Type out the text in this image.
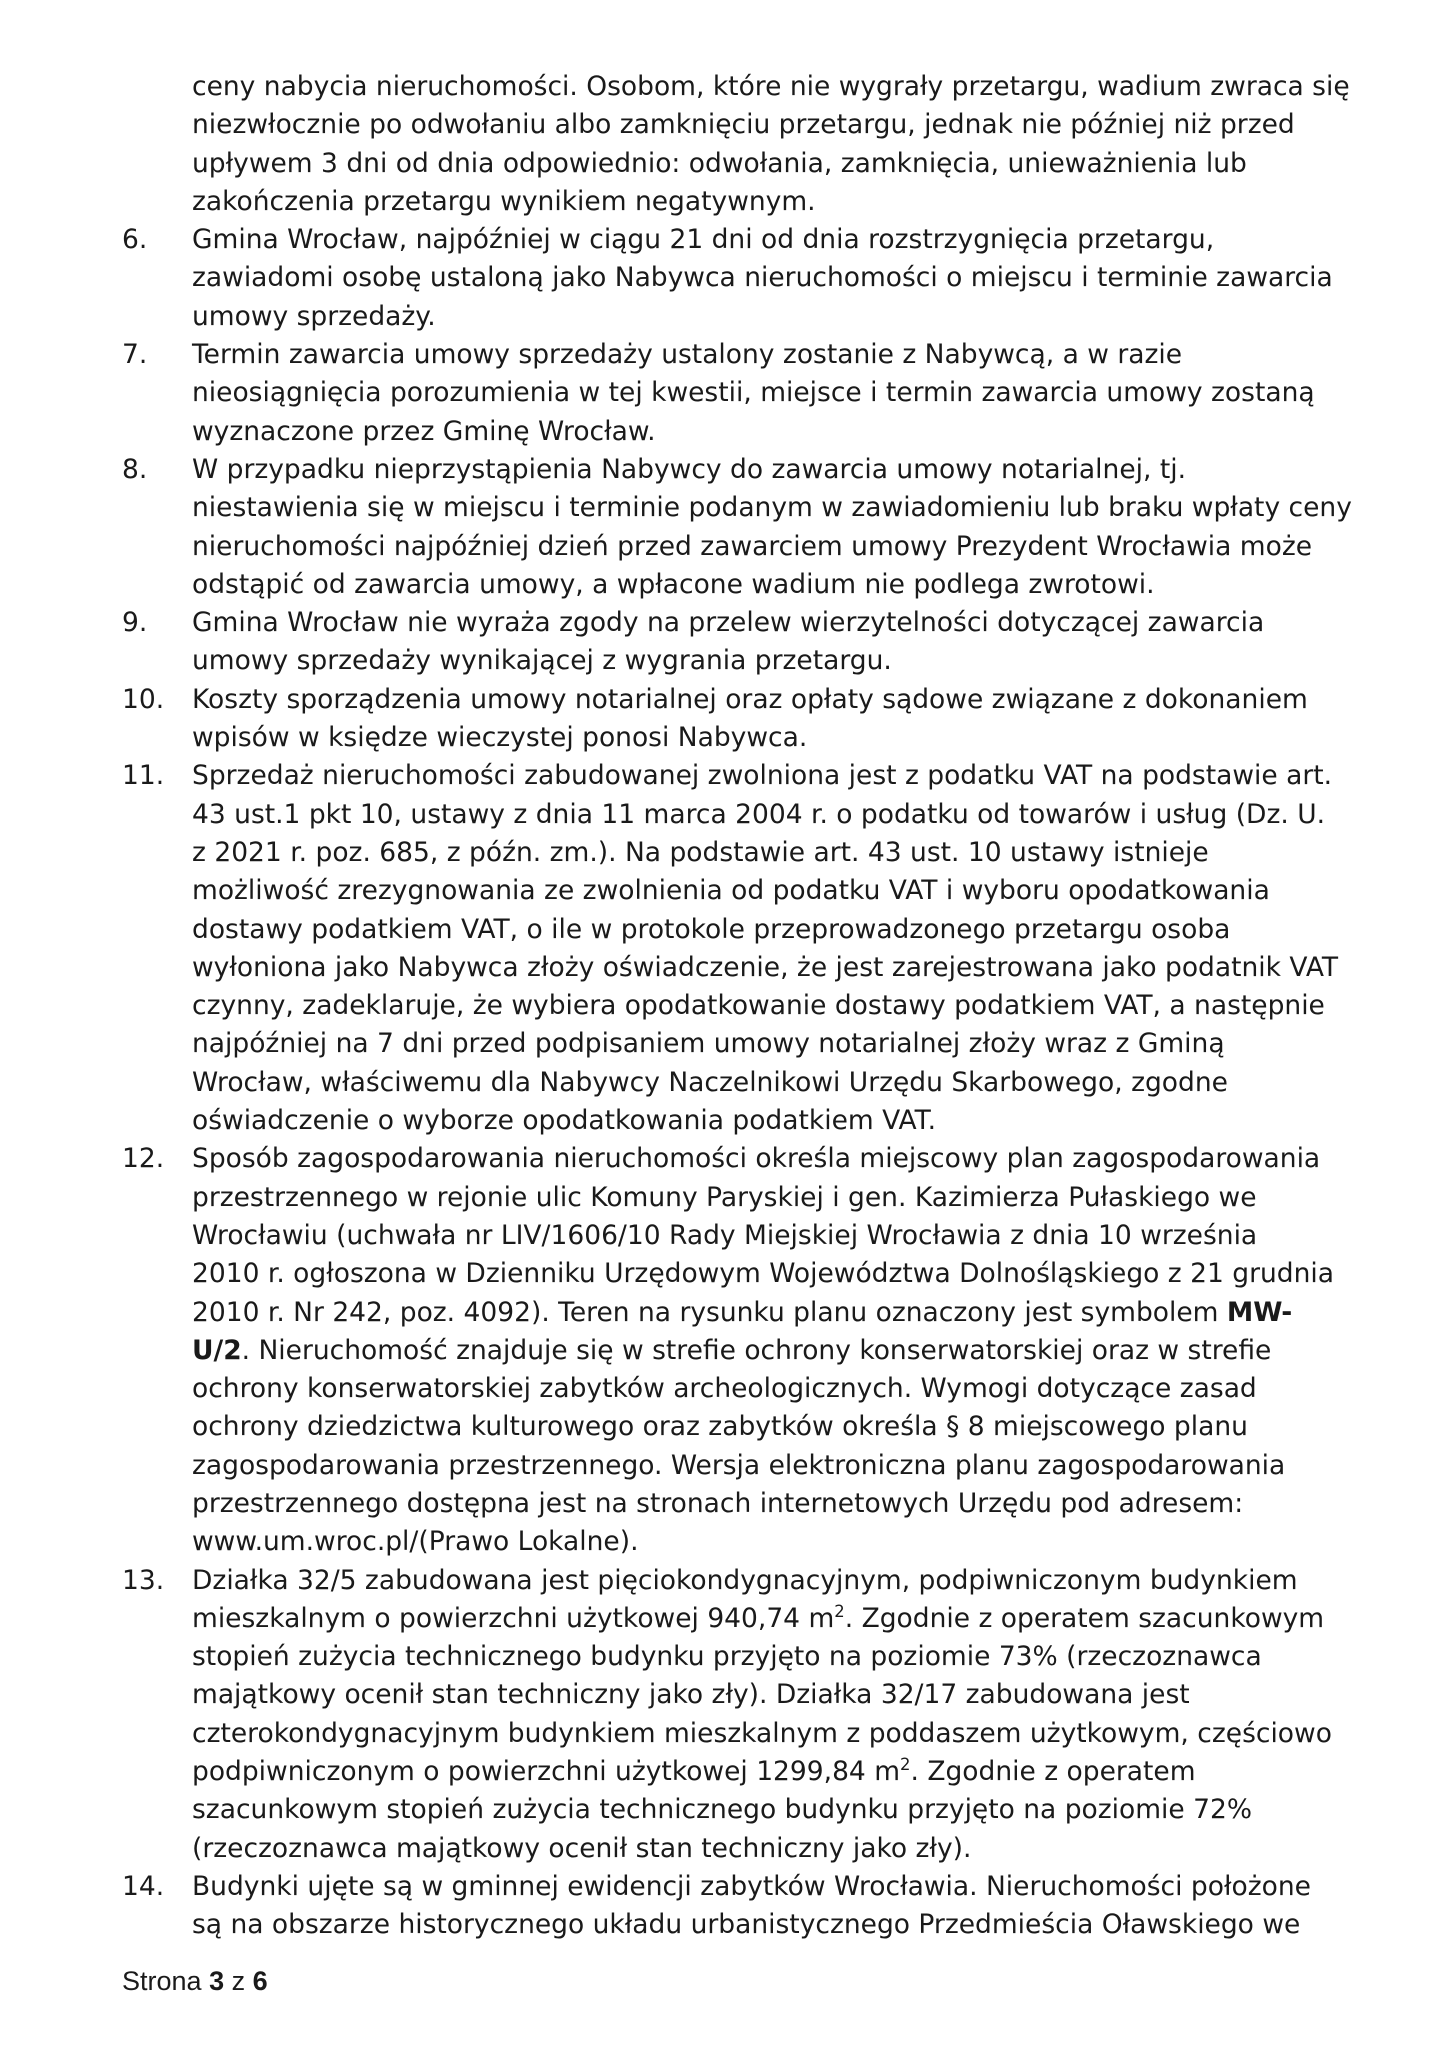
ceny nabycia nieruchomości. Osobom, które nie wygrały przetargu, wadium zwraca się
niezwłocznie po odwołaniu albo zamknięciu przetargu, jednak nie później niż przed
upływem 3 dni od dnia odpowiednio: odwołania, zamknięcia, unieważnienia lub
zakończenia przetargu wynikiem negatywnym.

6. Gmina Wrocław, najpóźniej w ciągu 21 dni od dnia rozstrzygnięcia przetargu,
zawiadomi osobę ustaloną jako Nabywca nieruchomości o miejscu i terminie zawarcia
umowy sprzedaży.
7. Termin zawarcia umowy sprzedaży ustalony zostanie z Nabywcą, a w razie
nieosiągnięcia porozumienia w tej kwestii, miejsce i termin zawarcia umowy zostaną
wyznaczone przez Gminę Wrocław.
8. W przypadku nieprzystąpienia Nabywcy do zawarcia umowy notarialnej, tj.
niestawienia się w miejscu i terminie podanym w zawiadomieniu lub braku wpłaty ceny
nieruchomości najpóźniej dzień przed zawarciem umowy Prezydent Wrocławia może
odstąpić od zawarcia umowy, a wpłacone wadium nie podlega zwrotowi.
9. Gmina Wrocław nie wyraża zgody na przelew wierzytelności dotyczącej zawarcia
umowy sprzedaży wynikającej z wygrania przetargu.
10. Koszty sporządzenia umowy notarialnej oraz opłaty sądowe związane z dokonaniem
wpisów w księdze wieczystej ponosi Nabywca.
11. Sprzedaż nieruchomości zabudowanej zwolniona jest z podatku VAT na podstawie art.
43 ust.1 pkt 10, ustawy z dnia 11 marca 2004 r. o podatku od towarów i usług (Dz. U.
z 2021 r. poz. 685, z późn. zm.). Na podstawie art. 43 ust. 10 ustawy istnieje
możliwość zrezygnowania ze zwolnienia od podatku VAT i wyboru opodatkowania
dostawy podatkiem VAT, o ile w protokole przeprowadzonego przetargu osoba
wyłoniona jako Nabywca złoży oświadczenie, że jest zarejestrowana jako podatnik VAT
czynny, zadeklaruje, że wybiera opodatkowanie dostawy podatkiem VAT, a następnie
najpóźniej na 7 dni przed podpisaniem umowy notarialnej złoży wraz z Gminą
Wrocław, właściwemu dla Nabywcy Naczelnikowi Urzędu Skarbowego, zgodne
oświadczenie o wyborze opodatkowania podatkiem VAT.
12. Sposób zagospodarowania nieruchomości określa miejscowy plan zagospodarowania
przestrzennego w rejonie ulic Komuny Paryskiej i gen. Kazimierza Pułaskiego we
Wrocławiu (uchwała nr LIV/1606/10 Rady Miejskiej Wrocławia z dnia 10 września
2010 r. ogłoszona w Dzienniku Urzędowym Województwa Dolnośląskiego z 21 grudnia
2010 r. Nr 242, poz. 4092). Teren na rysunku planu oznaczony jest symbolem MW-
U/2. Nieruchomość znajduje się w strefie ochrony konserwatorskiej oraz w strefie
ochrony konserwatorskiej zabytków archeologicznych. Wymogi dotyczące zasad
ochrony dziedzictwa kulturowego oraz zabytków określa § 8 miejscowego planu
zagospodarowania przestrzennego. Wersja elektroniczna planu zagospodarowania
przestrzennego dostępna jest na stronach internetowych Urzędu pod adresem:
www.um.wroc.pl/(Prawo Lokalne).
13. Działka 32/5 zabudowana jest pięciokondygnacyjnym, podpiwniczonym budynkiem
mieszkalnym o powierzchni użytkowej 940,74 $m^2$. Zgodnie z operatem szacunkowym
stopień zużycia technicznego budynku przyjęto na poziomie 73% (rzeczoznawca
majątkowy ocenił stan techniczny jako zły). Działka 32/17 zabudowana jest
czterokondygnacyjnym budynkiem mieszkalnym z poddaszem użytkowym, częściowo
podpiwniczonym o powierzchni użytkowej 1299,84 $m^2$. Zgodnie z operatem
szacunkowym stopień zużycia technicznego budynku przyjęto na poziomie 72%
(rzeczoznawca majątkowy ocenił stan techniczny jako zły).
14. Budynki ujęte są w gminnej ewidencji zabytków Wrocławia. Nieruchomości położone
są na obszarze historycznego układu urbanistycznego Przedmieścia Oławskiego we
Strona 3 z 6
